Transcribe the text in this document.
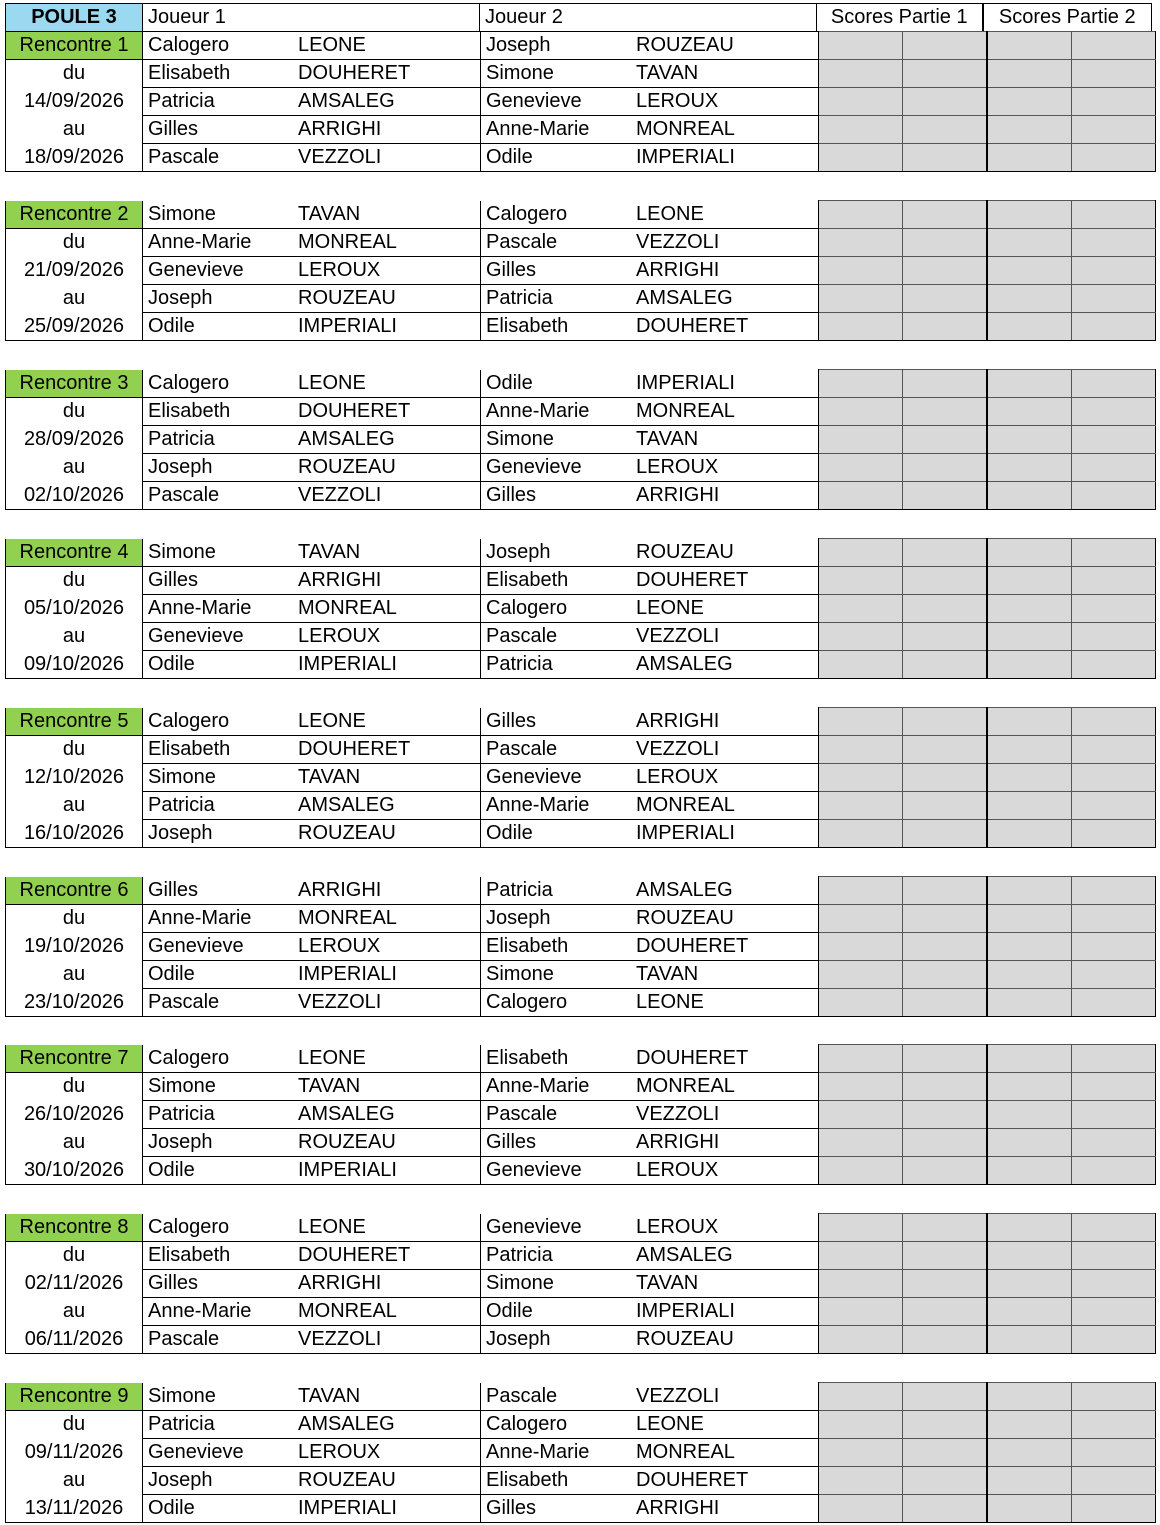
POULE 3	Joueur 1	Joueur 2	Scores Partie 1	Scores Partie 2
Rencontre 1	Calogero	LEONE	Joseph	ROUZEAU				
du	Elisabeth	DOUHERET	Simone	TAVAN				
14/09/2026	Patricia	AMSALEG	Genevieve	LEROUX				
au	Gilles	ARRIGHI	Anne-Marie	MONREAL				
18/09/2026	Pascale	VEZZOLI	Odile	IMPERIALI				
Rencontre 2	Simone	TAVAN	Calogero	LEONE				
du	Anne-Marie	MONREAL	Pascale	VEZZOLI				
21/09/2026	Genevieve	LEROUX	Gilles	ARRIGHI				
au	Joseph	ROUZEAU	Patricia	AMSALEG				
25/09/2026	Odile	IMPERIALI	Elisabeth	DOUHERET				
Rencontre 3	Calogero	LEONE	Odile	IMPERIALI				
du	Elisabeth	DOUHERET	Anne-Marie	MONREAL				
28/09/2026	Patricia	AMSALEG	Simone	TAVAN				
au	Joseph	ROUZEAU	Genevieve	LEROUX				
02/10/2026	Pascale	VEZZOLI	Gilles	ARRIGHI				
Rencontre 4	Simone	TAVAN	Joseph	ROUZEAU				
du	Gilles	ARRIGHI	Elisabeth	DOUHERET				
05/10/2026	Anne-Marie	MONREAL	Calogero	LEONE				
au	Genevieve	LEROUX	Pascale	VEZZOLI				
09/10/2026	Odile	IMPERIALI	Patricia	AMSALEG				
Rencontre 5	Calogero	LEONE	Gilles	ARRIGHI				
du	Elisabeth	DOUHERET	Pascale	VEZZOLI				
12/10/2026	Simone	TAVAN	Genevieve	LEROUX				
au	Patricia	AMSALEG	Anne-Marie	MONREAL				
16/10/2026	Joseph	ROUZEAU	Odile	IMPERIALI				
Rencontre 6	Gilles	ARRIGHI	Patricia	AMSALEG				
du	Anne-Marie	MONREAL	Joseph	ROUZEAU				
19/10/2026	Genevieve	LEROUX	Elisabeth	DOUHERET				
au	Odile	IMPERIALI	Simone	TAVAN				
23/10/2026	Pascale	VEZZOLI	Calogero	LEONE				
Rencontre 7	Calogero	LEONE	Elisabeth	DOUHERET				
du	Simone	TAVAN	Anne-Marie	MONREAL				
26/10/2026	Patricia	AMSALEG	Pascale	VEZZOLI				
au	Joseph	ROUZEAU	Gilles	ARRIGHI				
30/10/2026	Odile	IMPERIALI	Genevieve	LEROUX				
Rencontre 8	Calogero	LEONE	Genevieve	LEROUX				
du	Elisabeth	DOUHERET	Patricia	AMSALEG				
02/11/2026	Gilles	ARRIGHI	Simone	TAVAN				
au	Anne-Marie	MONREAL	Odile	IMPERIALI				
06/11/2026	Pascale	VEZZOLI	Joseph	ROUZEAU				
Rencontre 9	Simone	TAVAN	Pascale	VEZZOLI				
du	Patricia	AMSALEG	Calogero	LEONE				
09/11/2026	Genevieve	LEROUX	Anne-Marie	MONREAL				
au	Joseph	ROUZEAU	Elisabeth	DOUHERET				
13/11/2026	Odile	IMPERIALI	Gilles	ARRIGHI				
